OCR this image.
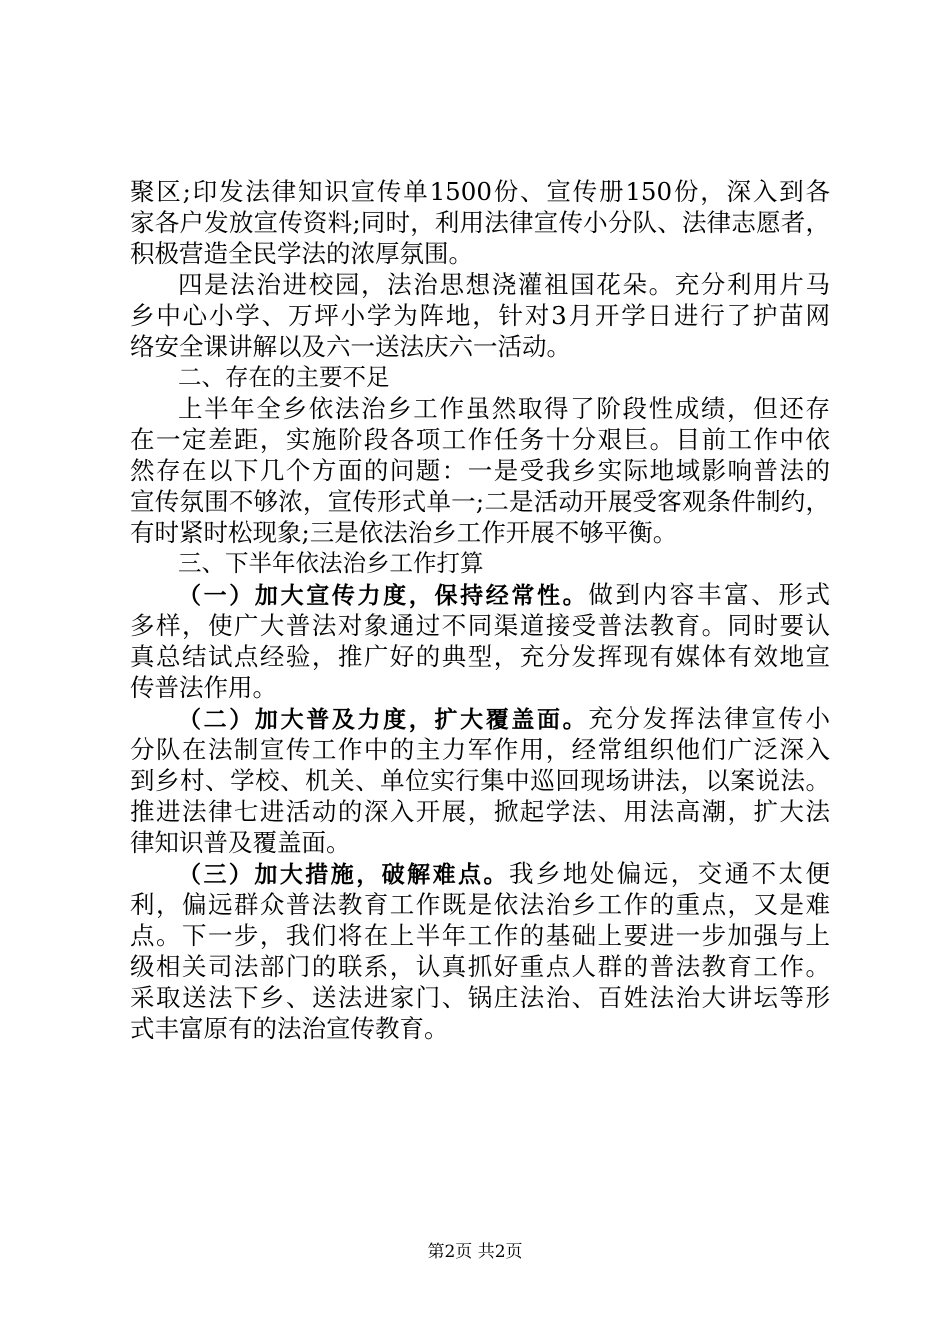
聚区;印发法律知识宣传单1500份、宣传册150份，深入到各
家各户发放宣传资料;同时，利用法律宣传小分队、法律志愿者，
积极营造全民学法的浓厚氛围。
四是法治进校园，法治思想浇灌祖国花朵。充分利用片马
乡中心小学、万坪小学为阵地，针对3月开学日进行了护苗网
络安全课讲解以及六一送法庆六一活动。
二、存在的主要不足
上半年全乡依法治乡工作虽然取得了阶段性成绩，但还存
在一定差距，实施阶段各项工作任务十分艰巨。目前工作中依
然存在以下几个方面的问题：一是受我乡实际地域影响普法的
宣传氛围不够浓，宣传形式单一;二是活动开展受客观条件制约，
有时紧时松现象;三是依法治乡工作开展不够平衡。
三、下半年依法治乡工作打算
（一）加大宣传力度，保持经常性。做到内容丰富、形式
多样，使广大普法对象通过不同渠道接受普法教育。同时要认
真总结试点经验，推广好的典型，充分发挥现有媒体有效地宣
传普法作用。
（二）加大普及力度，扩大覆盖面。充分发挥法律宣传小
分队在法制宣传工作中的主力军作用，经常组织他们广泛深入
到乡村、学校、机关、单位实行集中巡回现场讲法，以案说法。
推进法律七进活动的深入开展，掀起学法、用法高潮，扩大法
律知识普及覆盖面。
（三）加大措施，破解难点。我乡地处偏远，交通不太便
利，偏远群众普法教育工作既是依法治乡工作的重点，又是难
点。下一步，我们将在上半年工作的基础上要进一步加强与上
级相关司法部门的联系，认真抓好重点人群的普法教育工作。
采取送法下乡、送法进家门、锅庄法治、百姓法治大讲坛等形
式丰富原有的法治宣传教育。
第2页 共2页
